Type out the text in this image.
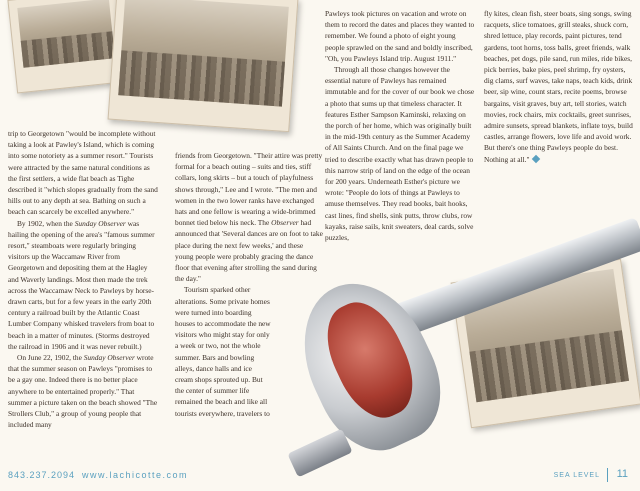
trip to Georgetown "would be incomplete without taking a look at Pawley's Island, which is coming into some notoriety as a summer resort." Tourists were attracted by the same natural conditions as the first settlers, a wide flat beach as Tighe described it "which slopes gradually from the sand hills out to any depth at sea. Bathing on such a beach can scarcely be excelled anywhere."

By 1902, when the Sunday Observer was hailing the opening of the area's "famous summer resort," steamboats were regularly bringing visitors up the Waccamaw River from Georgetown and depositing them at the Hagley and Waverly landings. Most then made the trek across the Waccamaw Neck to Pawleys by horse-drawn carts, but for a few years in the early 20th century a railroad built by the Atlantic Coast Lumber Company whisked travelers from boat to beach in a matter of minutes. (Storms destroyed the railroad in 1906 and it was never rebuilt.)

On June 22, 1902, the Sunday Observer wrote that the summer season on Pawleys "promises to be a gay one. Indeed there is no better place anywhere to be entertained properly." That summer a picture taken on the beach showed "The Strollers Club," a group of young people that included many

friends from Georgetown. "Their attire was pretty formal for a beach outing – suits and ties, stiff collars, long skirts – but a touch of playfulness shows through," Lee and I wrote. "The men and women in the two lower ranks have exchanged hats and one fellow is wearing a wide-brimmed bonnet tied below his neck. The Observer had announced that 'Several dances are on foot to take place during the next few weeks,' and these young people were probably gracing the dance floor that evening after strolling the sand during the day."

Tourism sparked other alterations. Some private homes were turned into boarding houses to accommodate the new visitors who might stay for only a week or two, not the whole summer. Bars and bowling alleys, dance halls and ice cream shops sprouted up. But the center of summer life remained the beach and like all tourists everywhere, travelers to

Pawleys took pictures on vacation and wrote on them to record the dates and places they wanted to remember. We found a photo of eight young people sprawled on the sand and boldly inscribed, "Oh, you Pawleys Island trip. August 1911."

Through all those changes however the essential nature of Pawleys has remained immutable and for the cover of our book we chose a photo that sums up that timeless character. It features Esther Sampson Kaminski, relaxing on the porch of her home, which was originally built in the mid-19th century as the Summer Academy of All Saints Church. And on the final page we tried to describe exactly what has drawn people to this narrow strip of land on the edge of the ocean for 200 years. Underneath Esther's picture we wrote: "People do lots of things at Pawleys to amuse themselves. They read books, bait hooks, cast lines, find shells, sink putts, throw clubs, row kayaks, raise sails, knit sweaters, deal cards, solve puzzles,

fly kites, clean fish, steer boats, sing songs, swing racquets, slice tomatoes, grill steaks, shuck corn, shred lettuce, play records, paint pictures, tend gardens, toot horns, toss balls, greet friends, walk beaches, pet dogs, pile sand, run miles, ride bikes, pick berries, bake pies, peel shrimp, fry oysters, dig clams, surf waves, take naps, teach kids, drink beer, sip wine, count stars, recite poems, browse bargains, visit graves, buy art, tell stories, watch movies, rock chairs, mix cocktails, greet sunrises, admire sunsets, spread blankets, inflate toys, build castles, arrange flowers, love life and avoid work. But there's one thing Pawleys people do best. Nothing at all."

843.237.2094 www.lachicotte.com	SEA LEVEL 11
